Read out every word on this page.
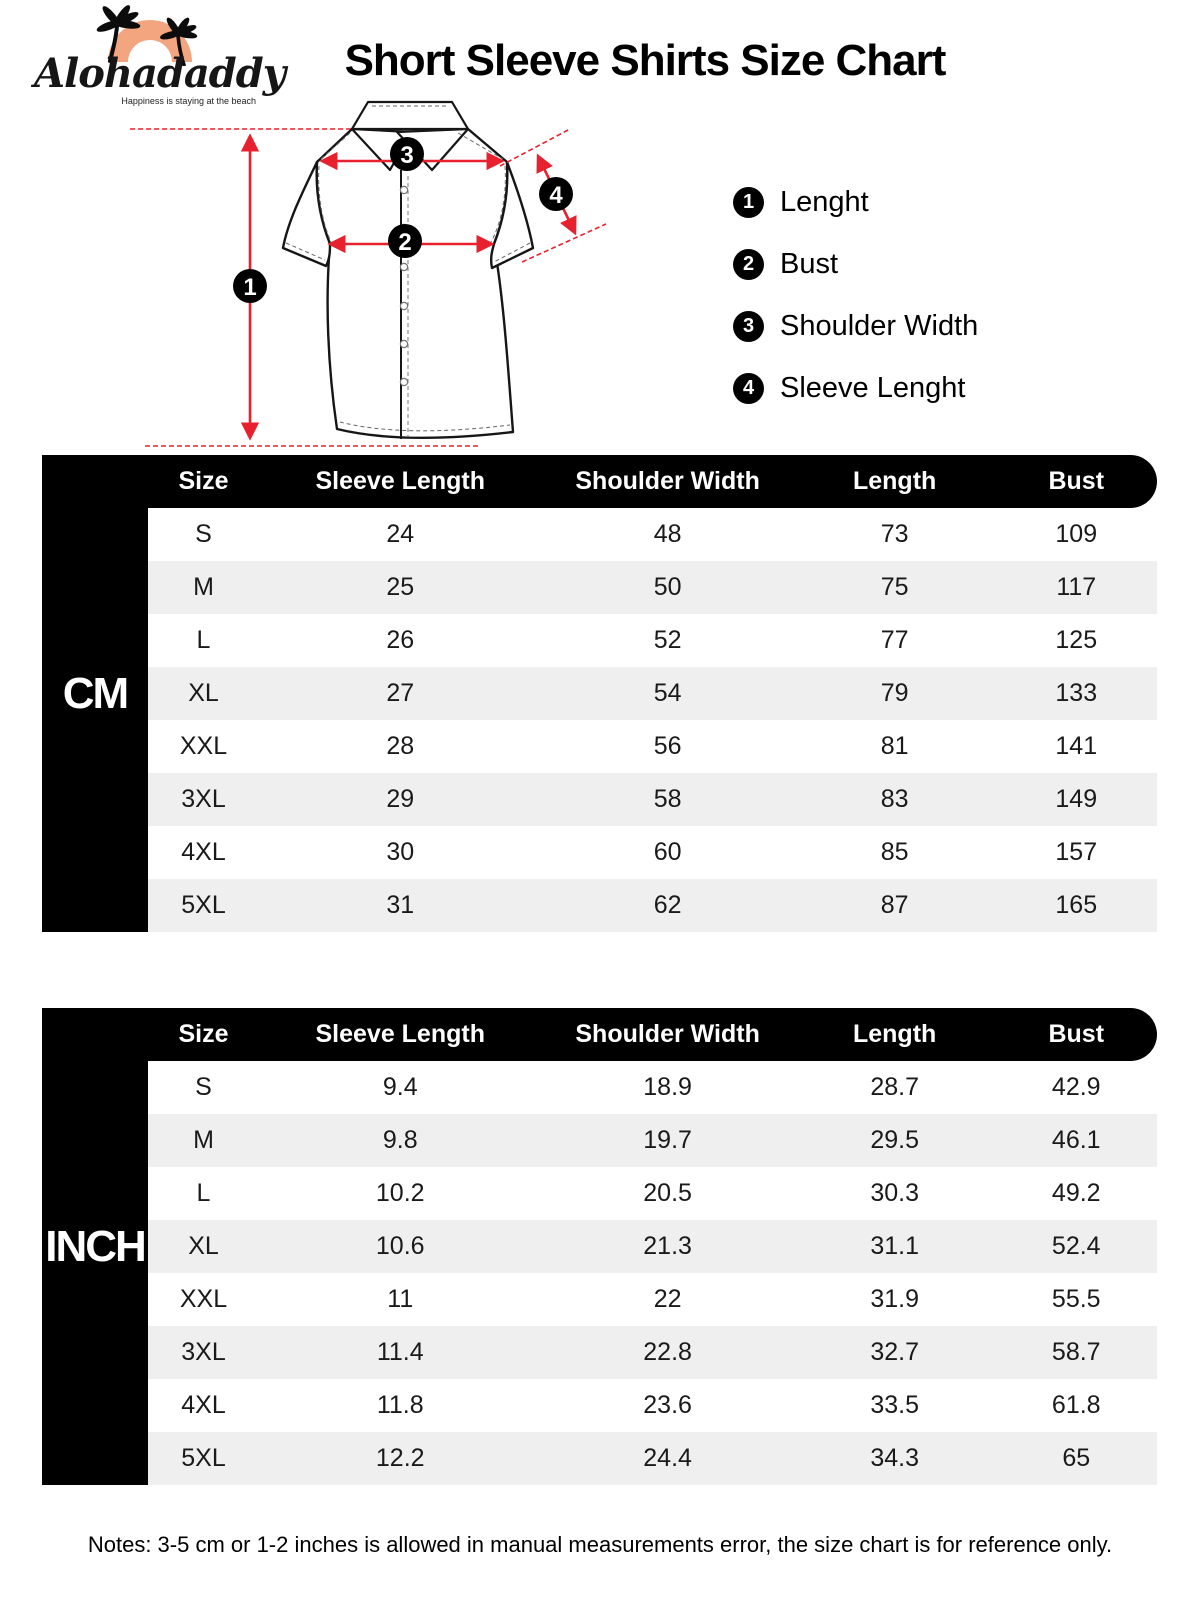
Alohadaddy
Happiness is staying at the beach
Short Sleeve Shirts Size Chart
1
2
3
4	1 Lenght
2 Bust
3 Shoulder Width
4 Sleeve Lenght
CM
Size	Sleeve Length	Shoulder Width	Length	Bust
S	24	48	73	109
M	25	50	75	117
L	26	52	77	125
XL	27	54	79	133
XXL	28	56	81	141
3XL	29	58	83	149
4XL	30	60	85	157
5XL	31	62	87	165
INCH
Size	Sleeve Length	Shoulder Width	Length	Bust
S	9.4	18.9	28.7	42.9
M	9.8	19.7	29.5	46.1
L	10.2	20.5	30.3	49.2
XL	10.6	21.3	31.1	52.4
XXL	11	22	31.9	55.5
3XL	11.4	22.8	32.7	58.7
4XL	11.8	23.6	33.5	61.8
5XL	12.2	24.4	34.3	65
Notes: 3-5 cm or 1-2 inches is allowed in manual measurements error, the size chart is for reference only.
